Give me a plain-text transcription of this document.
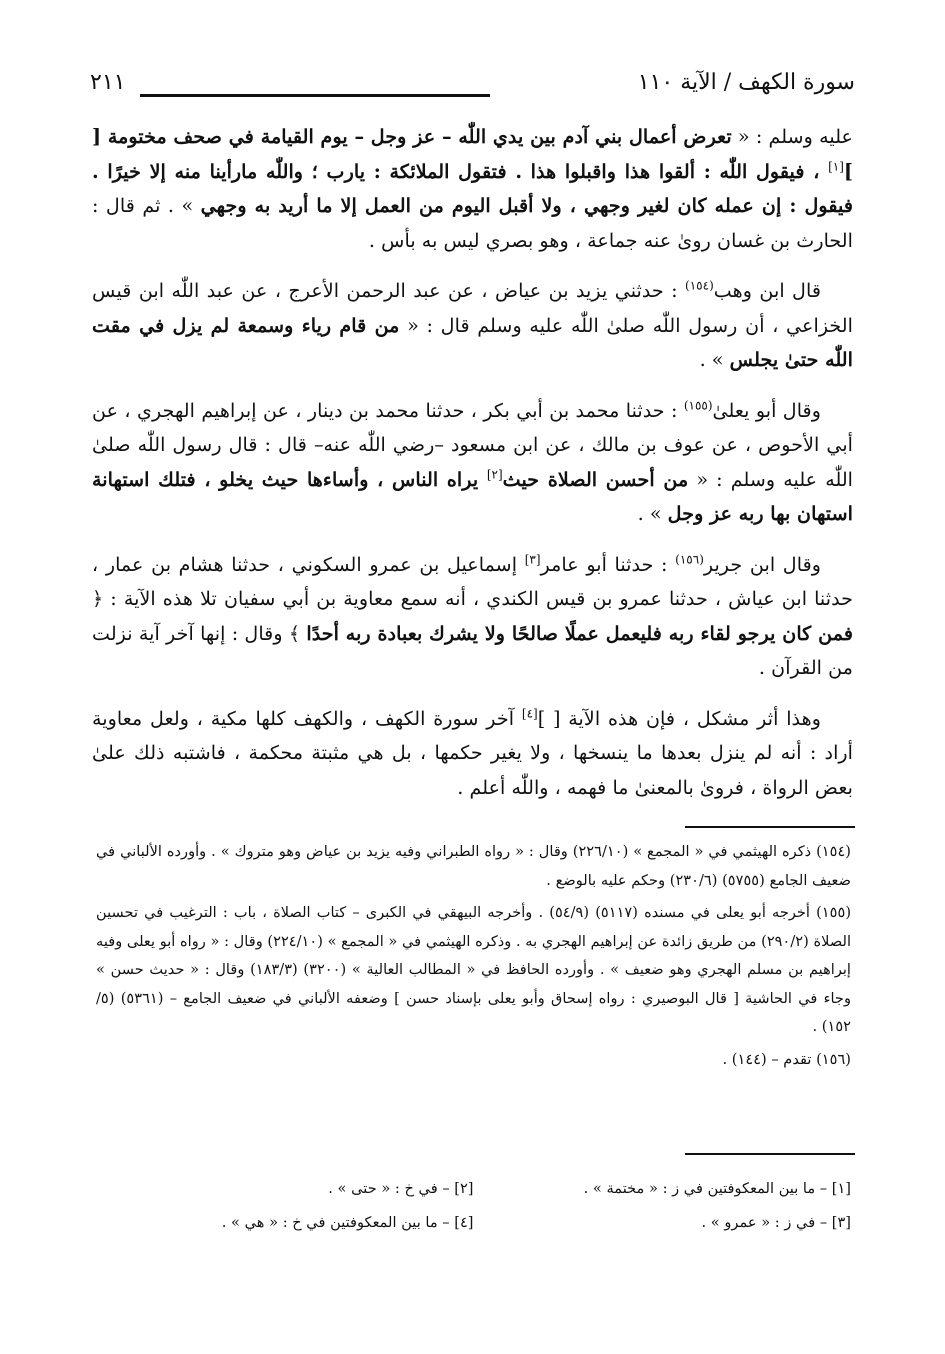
سورة الكهف / الآية ١١٠
٢١١

عليه وسلم : « تعرض أعمال بني آدم بين يدي اللّٰه – عز وجل – يوم القيامة في صحف مختومة [ ][١] ، فيقول اللّٰه : ألقوا هذا واقبلوا هذا . فتقول الملائكة : يارب ؛ واللّٰه مارأينا منه إلا خيرًا . فيقول : إن عمله كان لغير وجهي ، ولا أقبل اليوم من العمل إلا ما أريد به وجهي » . ثم قال : الحارث بن غسان روىٰ عنه جماعة ، وهو بصري ليس به بأس .

قال ابن وهب$^{(١٥٤)}$ : حدثني يزيد بن عياض ، عن عبد الرحمن الأعرج ، عن عبد اللّٰه ابن قيس الخزاعي ، أن رسول اللّٰه صلىٰ اللّٰه عليه وسلم قال : « من قام رياء وسمعة لم يزل في مقت اللّٰه حتىٰ يجلس » .

وقال أبو يعلىٰ$^{(١٥٥)}$ : حدثنا محمد بن أبي بكر ، حدثنا محمد بن دينار ، عن إبراهيم الهجري ، عن أبي الأحوص ، عن عوف بن مالك ، عن ابن مسعود –رضي اللّٰه عنه– قال : قال رسول اللّٰه صلىٰ اللّٰه عليه وسلم : « من أحسن الصلاة حيث[٢] يراه الناس ، وأساءها حيث يخلو ، فتلك استهانة استهان بها ربه عز وجل » .

وقال ابن جرير$^{(١٥٦)}$ : حدثنا أبو عامر[٣] إسماعيل بن عمرو السكوني ، حدثنا هشام بن عمار ، حدثنا ابن عياش ، حدثنا عمرو بن قيس الكندي ، أنه سمع معاوية بن أبي سفيان تلا هذه الآية : ﴿ فمن كان يرجو لقاء ربه فليعمل عملًا صالحًا ولا يشرك بعبادة ربه أحدًا ﴾ وقال : إنها آخر آية نزلت من القرآن .

وهذا أثر مشكل ، فإن هذه الآية [ ][٤] آخر سورة الكهف ، والكهف كلها مكية ، ولعل معاوية أراد : أنه لم ينزل بعدها ما ينسخها ، ولا يغير حكمها ، بل هي مثبتة محكمة ، فاشتبه ذلك علىٰ بعض الرواة ، فروىٰ بالمعنىٰ ما فهمه ، واللّٰه أعلم .

(١٥٤) ذكره الهيثمي في « المجمع » (٢٢٦/١٠) وقال : « رواه الطبراني وفيه يزيد بن عياض وهو متروك » . وأورده الألباني في ضعيف الجامع (٥٧٥٥) (٢٣٠/٦) وحكم عليه بالوضع .

(١٥٥) أخرجه أبو يعلى في مسنده (٥١١٧) (٥٤/٩) . وأخرجه البيهقي في الكبرى – كتاب الصلاة ، باب : الترغيب في تحسين الصلاة (٢٩٠/٢) من طريق زائدة عن إبراهيم الهجري به . وذكره الهيثمي في « المجمع » (٢٢٤/١٠) وقال : « رواه أبو يعلى وفيه إبراهيم بن مسلم الهجري وهو ضعيف » . وأورده الحافظ في « المطالب العالية » (٣٢٠٠) (١٨٣/٣) وقال : « حديث حسن » وجاء في الحاشية [ قال البوصيري : رواه إسحاق وأبو يعلى بإسناد حسن ] وضعفه الألباني في ضعيف الجامع – (٥٣٦١) (٥/ ١٥٢) .

(١٥٦) تقدم – (١٤٤) .

[١] – ما بين المعكوفتين في ز : « مختمة » .
[٢] – في خ : « حتى » .
[٣] – في ز : « عمرو » .
[٤] – ما بين المعكوفتين في خ : « هي » .
